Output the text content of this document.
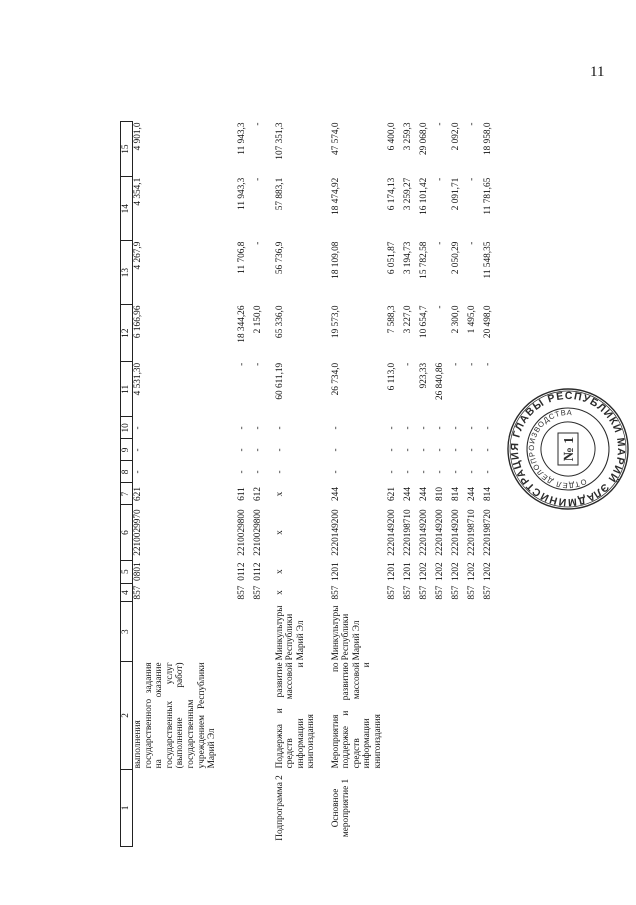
11
1	2	3	4	5	6	7	8	9	10	11	12	13	14	15
	выполнения государственного задания на оказание государственных услуг (выполнение работ) государственным учреждением Республики Марий Эл		857	0801	2210029970	621	-	-	-	4 531,30	6 166,96	4 267,9	4 354,1	4 901,0
			857	0112	2210029800	611	-	-	-	-	18 344,26	11 706,8	11 943,3	11 943,3
			857	0112	2210029800	612	-	-	-	-	2 150,0	-	-	-
Подпрограмма 2	Поддержка и развитие средств массовой информации и книгоиздания	Минкультуры Республики Марий Эл	x	x	x	x	-	-	-	60 611,19	65 336,0	56 736,9	57 883,1	107 351,3
Основное мероприятие 1	Мероприятия по поддержке и развитию средств массовой информации и книгоиздания	Минкультуры Республики Марий Эл	857	1201	2220149200	244	-	-	-	26 734,0	19 573,0	18 109,08	18 474,92	47 574,0
			857	1201	2220149200	621	-	-	-	6 113,0	7 588,3	6 051,87	6 174,13	6 400,0
			857	1201	2220198710	244	-	-	-	-	3 227,0	3 194,73	3 259,27	3 259,3
			857	1202	2220149200	244	-	-	-	923,33	10 654,7	15 782,58	16 101,42	29 068,0
			857	1202	2220149200	810	-	-	-	26 840,86	-	-	-	-
			857	1202	2220149200	814	-	-	-	-	2 300,0	2 050,29	2 091,71	2 092,0
			857	1202	2220198710	244	-	-	-	-	1 495,0	-	-	-
			857	1202	2220198720	814	-	-	-	-	20 498,0	11 548,35	11 781,65	18 958,0
АДМИНИСТРАЦИЯ ГЛАВЫ РЕСПУБЛИКИ МАРИЙ ЭЛ
ОТДЕЛ ДЕЛОПРОИЗВОДСТВА
№ 1
